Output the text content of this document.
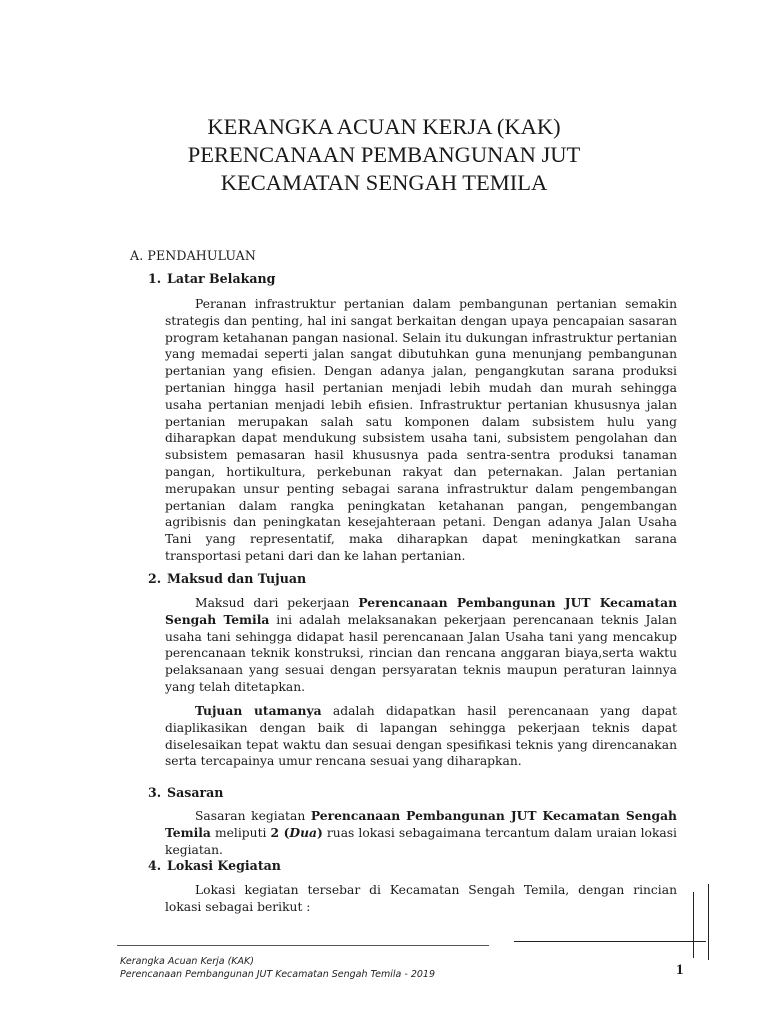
KERANGKA ACUAN KERJA (KAK)
PERENCANAAN PEMBANGUNAN JUT
KECAMATAN SENGAH TEMILA
A. PENDAHULUAN
1. Latar Belakang
Peranan infrastruktur pertanian dalam pembangunan pertanian semakin strategis dan penting, hal ini sangat berkaitan dengan upaya pencapaian sasaran program ketahanan pangan nasional. Selain itu dukungan infrastruktur pertanian yang memadai seperti jalan sangat dibutuhkan guna menunjang pembangunan pertanian yang efisien. Dengan adanya jalan, pengangkutan sarana produksi pertanian hingga hasil pertanian menjadi lebih mudah dan murah sehingga usaha pertanian menjadi lebih efisien. Infrastruktur pertanian khususnya jalan pertanian merupakan salah satu komponen dalam subsistem hulu yang diharapkan dapat mendukung subsistem usaha tani, subsistem pengolahan dan subsistem pemasaran hasil khususnya pada sentra-sentra produksi tanaman pangan, hortikultura, perkebunan rakyat dan peternakan. Jalan pertanian merupakan unsur penting sebagai sarana infrastruktur dalam pengembangan pertanian dalam rangka peningkatan ketahanan pangan, pengembangan agribisnis dan peningkatan kesejahteraan petani. Dengan adanya Jalan Usaha Tani yang representatif, maka diharapkan dapat meningkatkan sarana transportasi petani dari dan ke lahan pertanian.
2. Maksud dan Tujuan
Maksud dari pekerjaan Perencanaan Pembangunan JUT Kecamatan Sengah Temila ini adalah melaksanakan pekerjaan perencanaan teknis Jalan usaha tani sehingga didapat hasil perencanaan Jalan Usaha tani yang mencakup perencanaan teknik konstruksi, rincian dan rencana anggaran biaya,serta waktu pelaksanaan yang sesuai dengan persyaratan teknis maupun peraturan lainnya yang telah ditetapkan.
Tujuan utamanya adalah didapatkan hasil perencanaan yang dapat diaplikasikan dengan baik di lapangan sehingga pekerjaan teknis dapat diselesaikan tepat waktu dan sesuai dengan spesifikasi teknis yang direncanakan serta tercapainya umur rencana sesuai yang diharapkan.
3. Sasaran
Sasaran kegiatan Perencanaan Pembangunan JUT Kecamatan Sengah Temila meliputi 2 (Dua) ruas lokasi sebagaimana tercantum dalam uraian lokasi kegiatan.
4. Lokasi Kegiatan
Lokasi kegiatan tersebar di Kecamatan Sengah Temila, dengan rincian lokasi sebagai berikut :
Kerangka Acuan Kerja (KAK)
Perencanaan Pembangunan JUT Kecamatan Sengah Temila - 2019	1
